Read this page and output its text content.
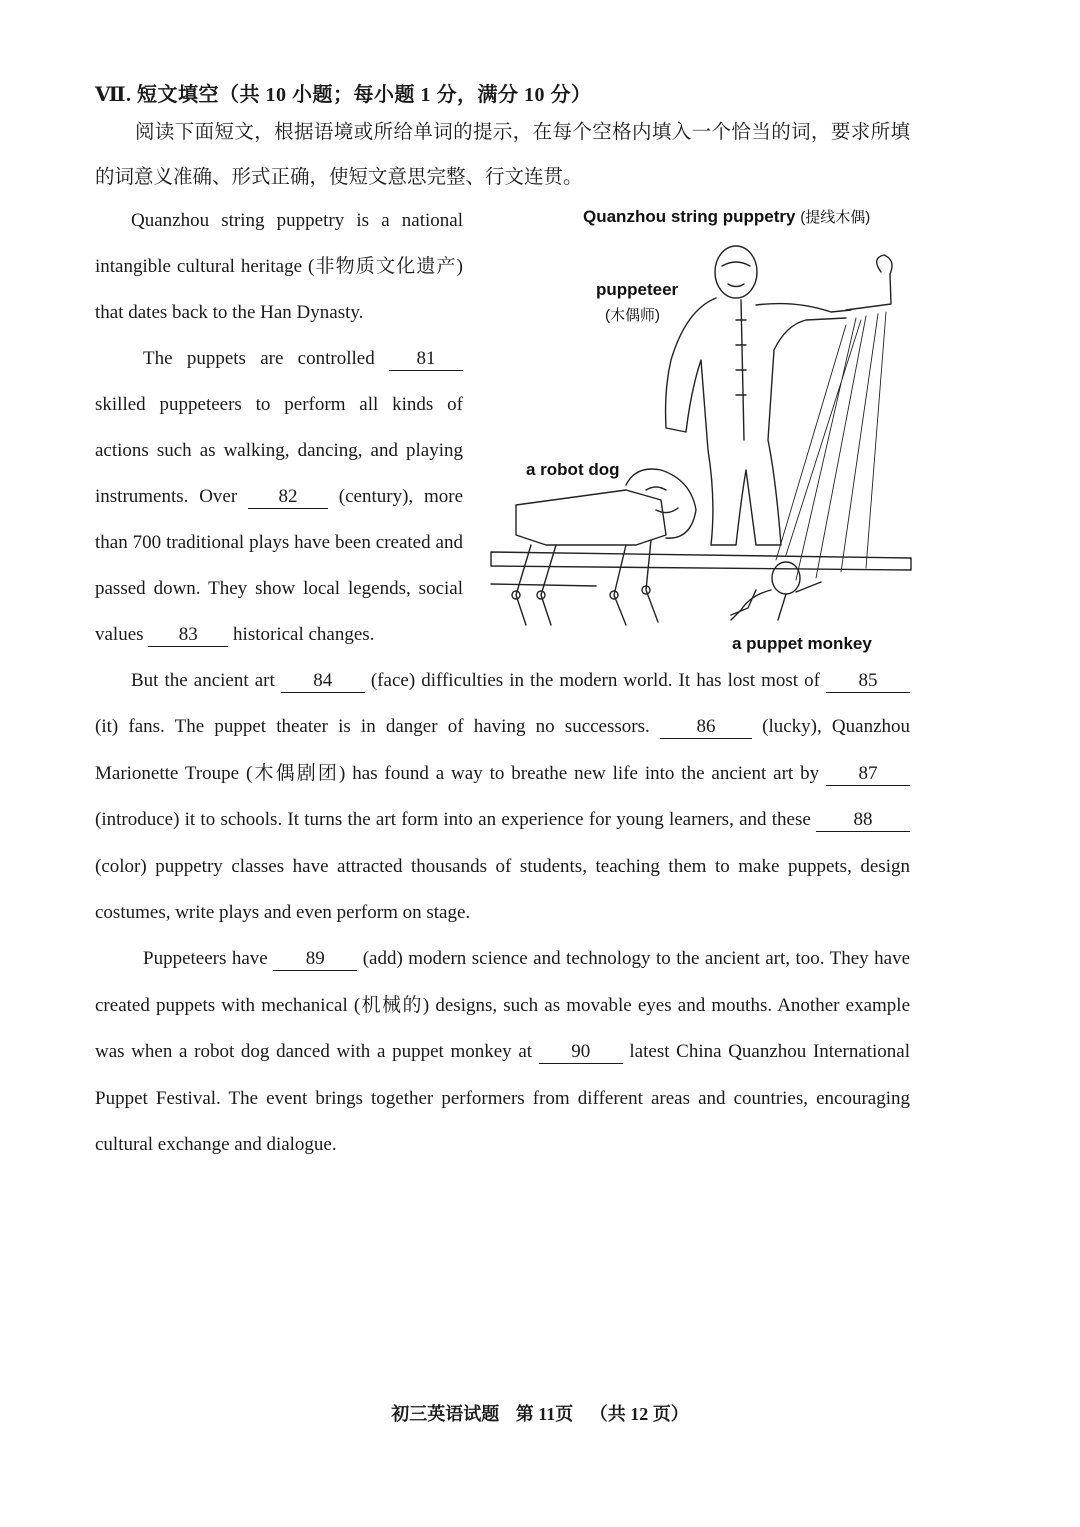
Ⅶ. 短文填空（共 10 小题；每小题 1 分，满分 10 分）
阅读下面短文，根据语境或所给单词的提示，在每个空格内填入一个恰当的词，要求所填的词意义准确、形式正确，使短文意思完整、行文连贯。

Quanzhou string puppetry is a national intangible cultural heritage (非物质文化遗产) that dates back to the Han Dynasty.

The puppets are controlled 81 skilled puppeteers to perform all kinds of actions such as walking, dancing, and playing instruments. Over 82 (century), more than 700 traditional plays have been created and passed down. They show local legends, social values 83 historical changes.

Quanzhou string puppetry (提线木偶)
puppeteer
(木偶师)
a robot dog
a puppet monkey

But the ancient art 84 (face) difficulties in the modern world. It has lost most of 85 (it) fans. The puppet theater is in danger of having no successors. 86 (lucky), Quanzhou Marionette Troupe (木偶剧团) has found a way to breathe new life into the ancient art by 87 (introduce) it to schools. It turns the art form into an experience for young learners, and these 88 (color) puppetry classes have attracted thousands of students, teaching them to make puppets, design costumes, write plays and even perform on stage.

Puppeteers have 89 (add) modern science and technology to the ancient art, too. They have created puppets with mechanical (机械的) designs, such as movable eyes and mouths. Another example was when a robot dog danced with a puppet monkey at 90 latest China Quanzhou International Puppet Festival. The event brings together performers from different areas and countries, encouraging cultural exchange and dialogue.

初三英语试题 第 11页 （共 12 页）
